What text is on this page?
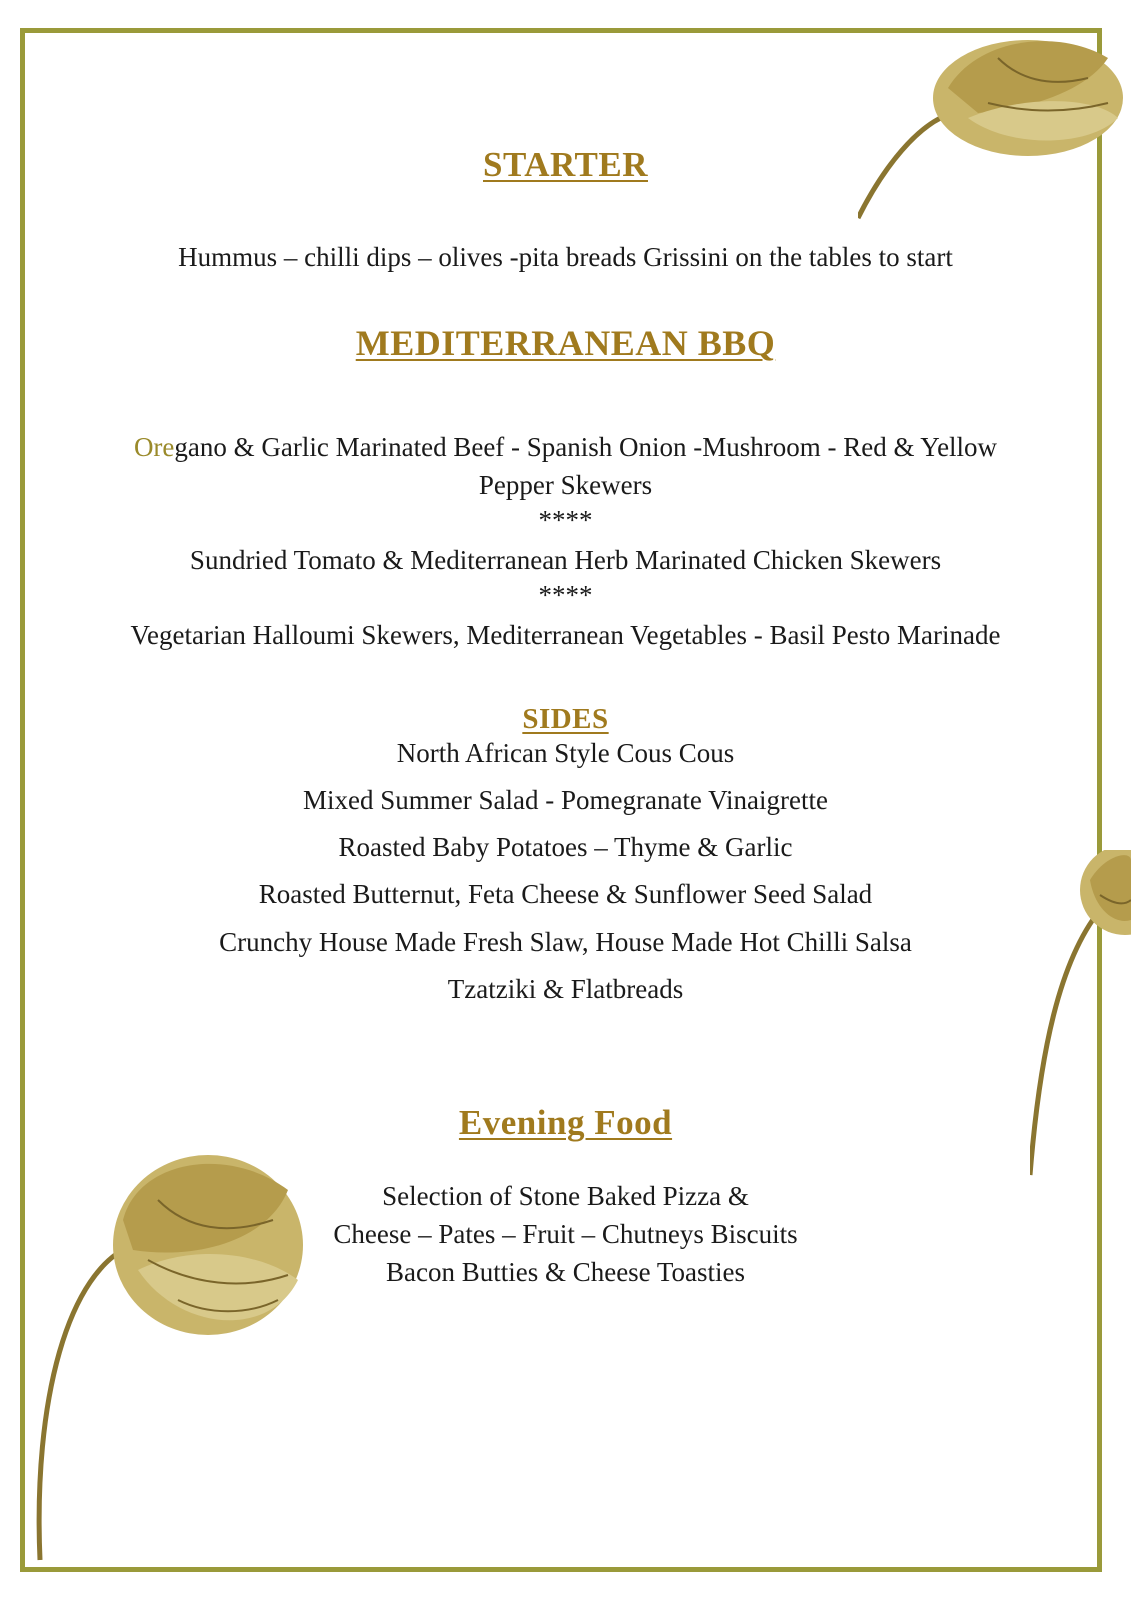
STARTER
Hummus – chilli dips – olives -pita breads Grissini on the tables to start
MEDITERRANEAN BBQ
Oregano & Garlic Marinated Beef - Spanish Onion -Mushroom - Red & Yellow
Pepper Skewers
****
Sundried Tomato & Mediterranean Herb Marinated Chicken Skewers
****
Vegetarian Halloumi Skewers, Mediterranean Vegetables - Basil Pesto Marinade
SIDES
North African Style Cous Cous
Mixed Summer Salad - Pomegranate Vinaigrette
Roasted Baby Potatoes – Thyme & Garlic
Roasted Butternut, Feta Cheese & Sunflower Seed Salad
Crunchy House Made Fresh Slaw, House Made Hot Chilli Salsa
Tzatziki & Flatbreads
Evening Food
Selection of Stone Baked Pizza &
Cheese – Pates – Fruit – Chutneys Biscuits
Bacon Butties & Cheese Toasties
